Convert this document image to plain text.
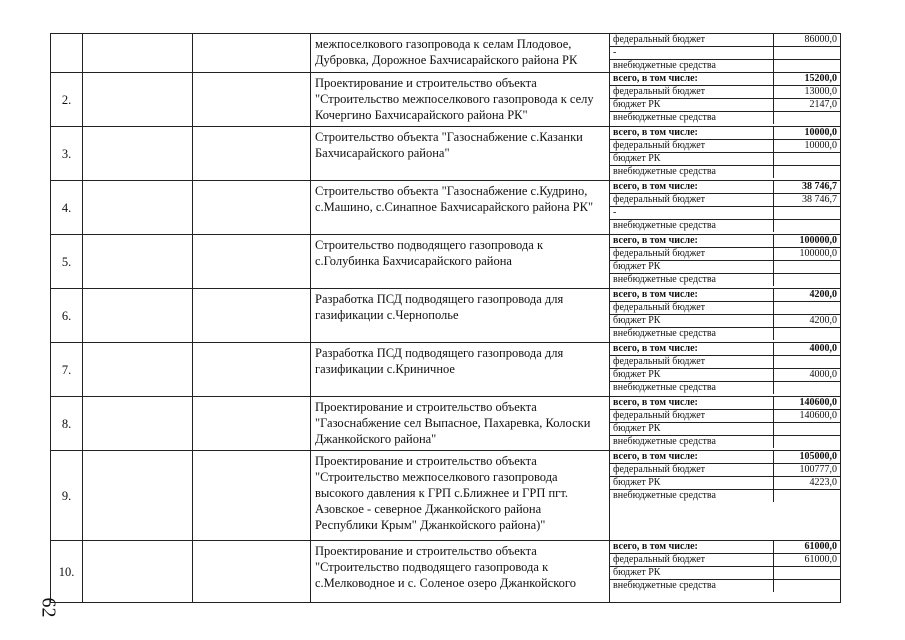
			межпоселкового газопровода к селам Плодовое, Дубровка, Дорожное Бахчисарайского района РК	
федеральный бюджет	86000,0
-	
внебюджетные средства	

2.			Проектирование и строительство объекта "Строительство межпоселкового газопровода к селу Кочергино Бахчисарайского района РК"	
всего, в том числе:	15200,0
федеральный бюджет	13000,0
бюджет РК	2147,0
внебюджетные средства	

3.			Строительство объекта "Газоснабжение с.Казанки Бахчисарайского района"	
всего, в том числе:	10000,0
федеральный бюджет	10000,0
бюджет РК	
внебюджетные средства	

4.			Строительство объекта "Газоснабжение с.Кудрино, с.Машино, с.Синапное Бахчисарайского района РК"	
всего, в том числе:	38 746,7
федеральный бюджет	38 746,7
-	
внебюджетные средства	

5.			Строительство подводящего газопровода к с.Голубинка Бахчисарайского района	
всего, в том числе:	100000,0
федеральный бюджет	100000,0
бюджет РК	
внебюджетные средства	

6.			Разработка ПСД подводящего газопровода для газификации с.Чернополье	
всего, в том числе:	4200,0
федеральный бюджет	
бюджет РК	4200,0
внебюджетные средства	

7.			Разработка ПСД подводящего газопровода для газификации с.Криничное	
всего, в том числе:	4000,0
федеральный бюджет	
бюджет РК	4000,0
внебюджетные средства	

8.			Проектирование и строительство объекта "Газоснабжение сел Выпасное, Пахаревка, Колоски Джанкойского района"	
всего, в том числе:	140600,0
федеральный бюджет	140600,0
бюджет РК	
внебюджетные средства	

9.			Проектирование и строительство объекта "Строительство межпоселкового газопровода высокого давления к ГРП с.Ближнее и ГРП пгт. Азовское - северное Джанкойского района Республики Крым" Джанкойского района)"	
всего, в том числе:	105000,0
федеральный бюджет	100777,0
бюджет РК	4223,0
внебюджетные средства	

10.			Проектирование и строительство объекта "Строительство подводящего газопровода к с.Мелководное и с. Соленое озеро Джанкойского	
всего, в том числе:	61000,0
федеральный бюджет	61000,0
бюджет РК	
внебюджетные средства	
62
